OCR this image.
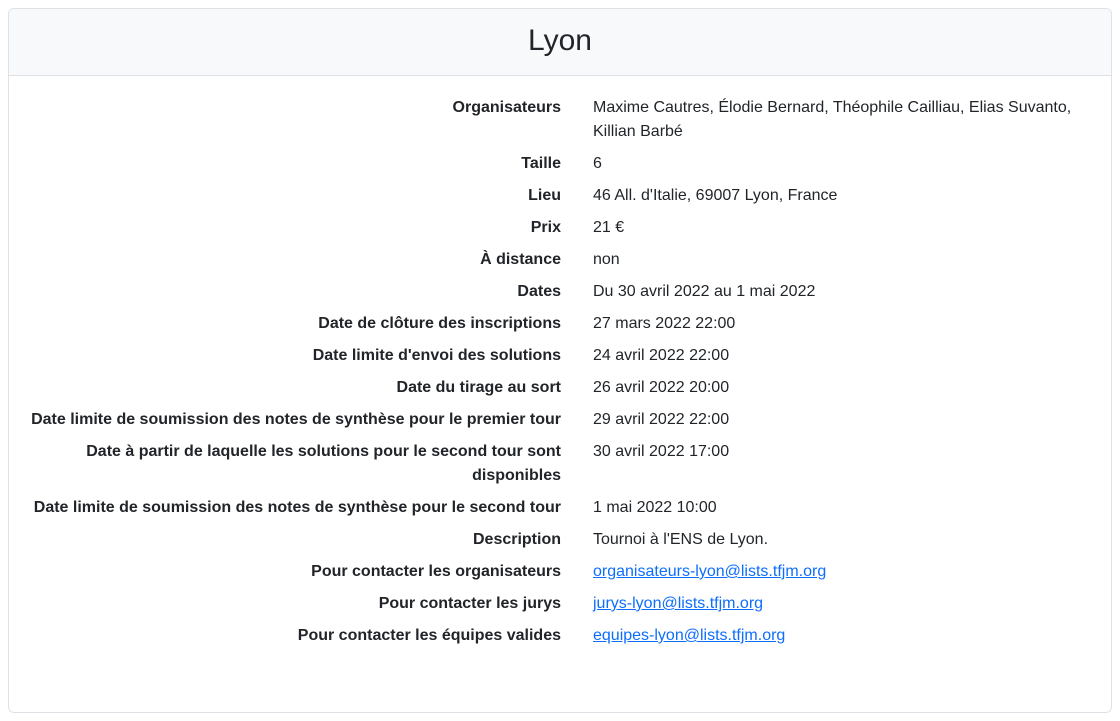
Lyon
Organisateurs Maxime Cautres, Élodie Bernard, Théophile Cailliau, Elias Suvanto, Killian Barbé
Taille 6
Lieu 46 All. d'Italie, 69007 Lyon, France
Prix 21 €
À distance non
Dates Du 30 avril 2022 au 1 mai 2022
Date de clôture des inscriptions 27 mars 2022 22:00
Date limite d'envoi des solutions 24 avril 2022 22:00
Date du tirage au sort 26 avril 2022 20:00
Date limite de soumission des notes de synthèse pour le premier tour 29 avril 2022 22:00
Date à partir de laquelle les solutions pour le second tour sont disponibles
30 avril 2022 17:00
Date limite de soumission des notes de synthèse pour le second tour 1 mai 2022 10:00
Description Tournoi à l'ENS de Lyon.
Pour contacter les organisateurs organisateurs-lyon@lists.tfjm.org
Pour contacter les jurys jurys-lyon@lists.tfjm.org
Pour contacter les équipes valides equipes-lyon@lists.tfjm.org
